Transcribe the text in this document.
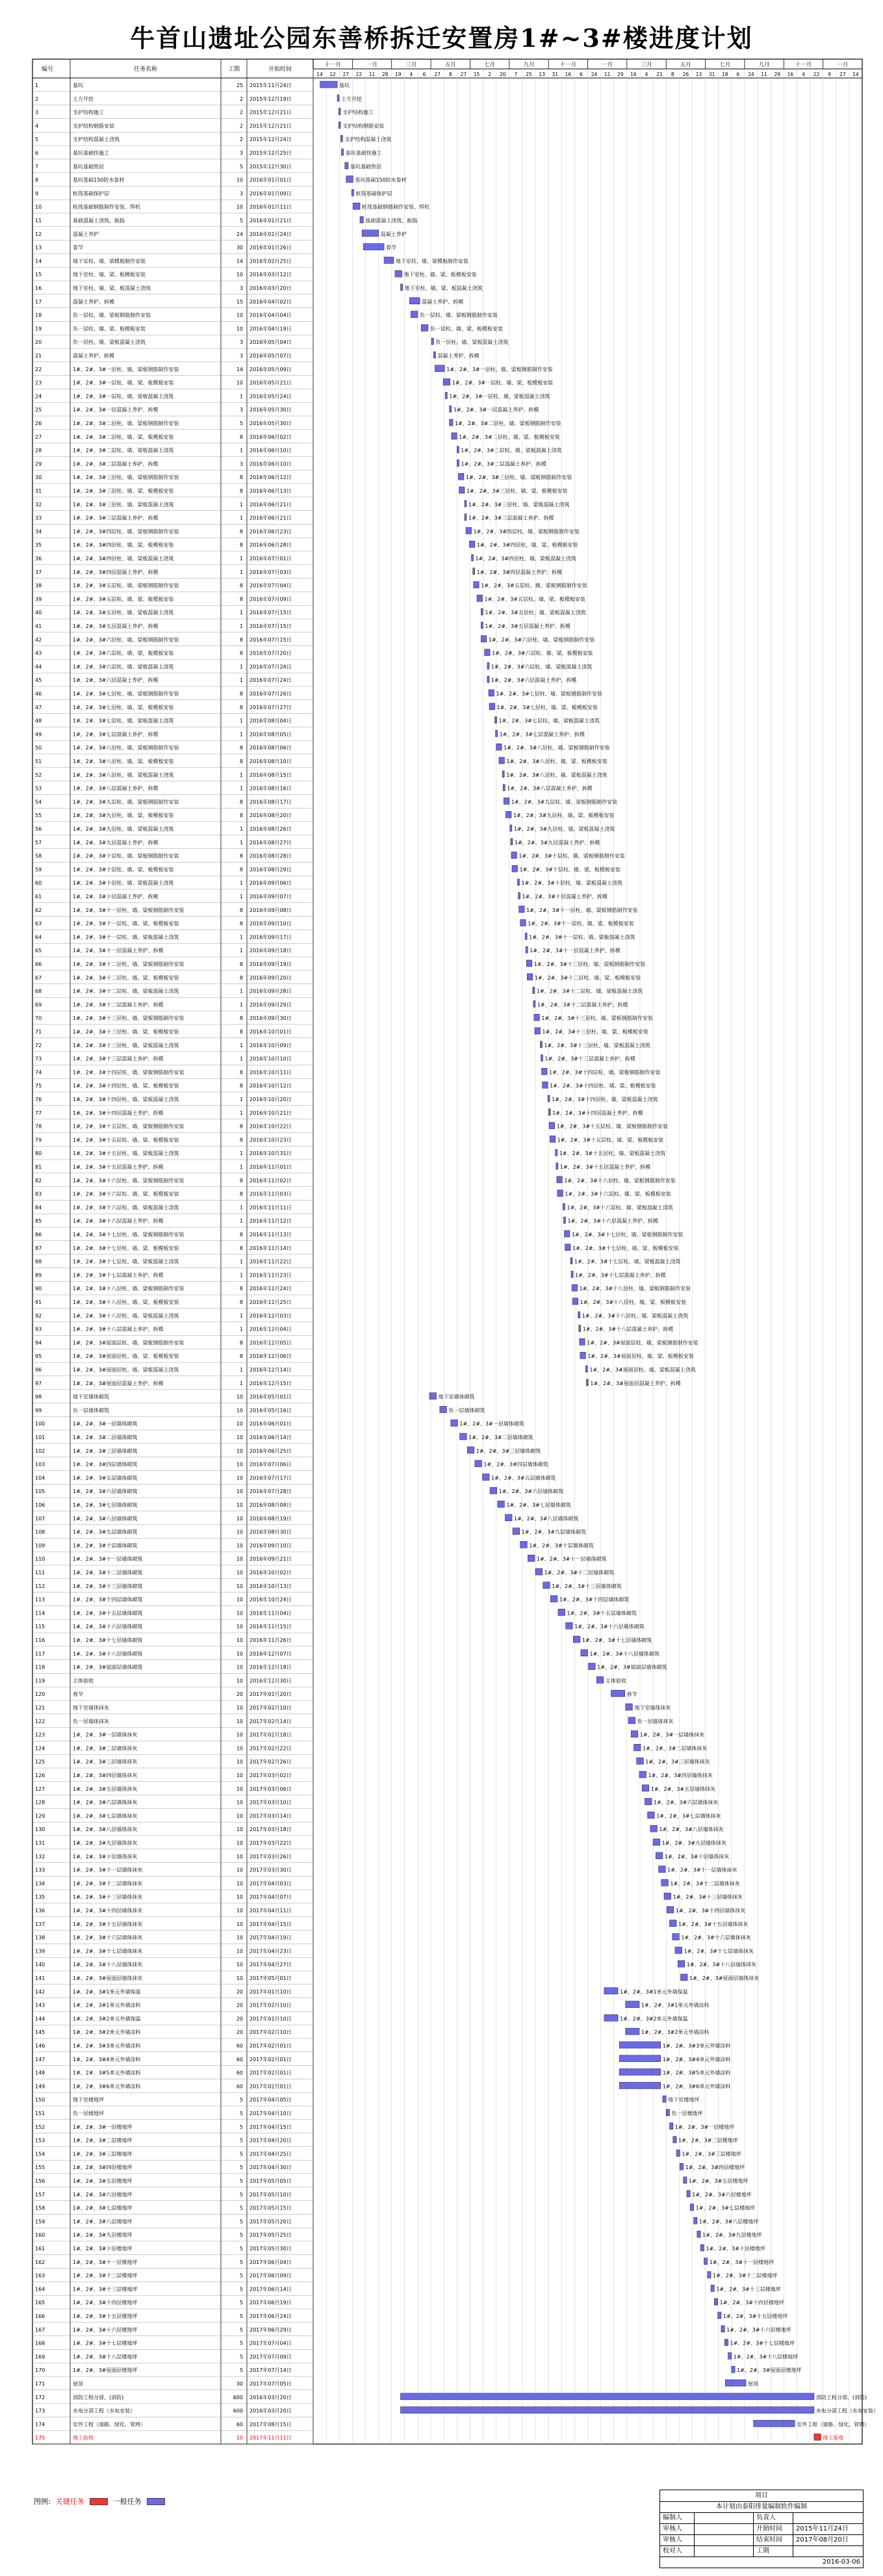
牛首山遗址公园东善桥拆迁安置房1#~3#楼进度计划
编号	任务名称	工期	开始时间
十一月	一月	三月	五月	七月	九月	十一月	一月	三月	五月	七月	九月	十一月	一月
14 12 27 22 11 28 19 4 6 27 8 27 15 2 20 7 25 13 31 16 6 24 11 29 16 4 21 8 26 13 31 18 6 24 11 29 16 4 22 9 27 14
1	基坑	25 2015年11月24日	基坑
2	土方开挖	2 2015年12月19日	土方开挖
3	支护结构施工	2 2015年12月21日	支护结构施工
4	支护结构钢筋安装	2 2015年12月21日	支护结构钢筋安装
5	支护结构混凝土浇筑	2 2015年12月24日	支护结构混凝土浇筑
6	基坑基础快施工	3 2015年12月25日	基坑基础快施工
7	基坑基础垫层	5 2015年12月30日	基坑基础垫层
8	基坑基础150防水卷材	10 2016年01月01日	基坑基础150防水卷材
9	桩筏基础保护层	3 2016年01月09日	桩筏基础保护层
10	桩筏基础钢筋制作安装、焊机	10 2016年01月11日	桩筏基础钢筋制作安装、焊机
11	基础混凝土浇筑、振捣	5 2016年01月21日	基础混凝土浇筑、振捣
12	混凝土养护	24 2016年01月24日	混凝土养护
13	春节	30 2016年01月26日	春节
14	地下室柱、墙、梁模板制作安装	14 2016年02月25日	地下室柱、墙、梁模板制作安装
15	地下室柱、墙、梁、板模板安装	10 2016年03月12日	地下室柱、墙、梁、板模板安装
16	地下室柱、墙、梁、板混凝土浇筑	3 2016年03月20日	地下室柱、墙、梁、板混凝土浇筑
17	混凝土养护、拆模	15 2016年04月02日	混凝土养护、拆模
18	负一层柱、墙、梁板钢筋制作安装	10 2016年04月04日	负一层柱、墙、梁板钢筋制作安装
19	负一层柱、墙、梁、板模板安装	10 2016年04月19日	负一层柱、墙、梁、板模板安装
20	负一层柱、墙、梁板混凝土浇筑	3 2016年05月04日	负一层柱、墙、梁板混凝土浇筑
21	混凝土养护、拆模	3 2016年05月07日	混凝土养护、拆模
22	1#、2#、3#一层柱、墙、梁板钢筋制作安装	14 2016年05月09日	1#、2#、3#一层柱、墙、梁板钢筋制作安装
23	1#、2#、3#一层柱、墙、梁、板模板安装	10 2016年05月21日	1#、2#、3#一层柱、墙、梁、板模板安装
24	1#、2#、3#一层柱、墙、梁板混凝土浇筑	1 2016年05月24日	1#、2#、3#一层柱、墙、梁板混凝土浇筑
25	1#、2#、3#一层混凝土养护、拆模	3 2016年05月30日	1#、2#、3#一层混凝土养护、拆模
26	1#、2#、3#二层柱、墙、梁板钢筋制作安装	5 2016年05月30日	1#、2#、3#二层柱、墙、梁板钢筋制作安装
27	1#、2#、3#二层柱、墙、梁、板模板安装	8 2016年06月02日	1#、2#、3#二层柱、墙、梁、板模板安装
28	1#、2#、3#二层柱、墙、梁板混凝土浇筑	1 2016年06月10日	1#、2#、3#二层柱、墙、梁板混凝土浇筑
29	1#、2#、3#二层混凝土养护、拆模	3 2016年06月10日	1#、2#、3#二层混凝土养护、拆模
30	1#、2#、3#三层柱、墙、梁板钢筋制作安装	8 2016年06月12日	1#、2#、3#三层柱、墙、梁板钢筋制作安装
31	1#、2#、3#三层柱、墙、梁、板模板安装	8 2016年06月13日	1#、2#、3#三层柱、墙、梁、板模板安装
32	1#、2#、3#三层柱、墙、梁板混凝土浇筑	1 2016年06月21日	1#、2#、3#三层柱、墙、梁板混凝土浇筑
33	1#、2#、3#三层混凝土养护、拆模	1 2016年06月21日	1#、2#、3#三层混凝土养护、拆模
34	1#、2#、3#四层柱、墙、梁板钢筋制作安装	8 2016年06月23日	1#、2#、3#四层柱、墙、梁板钢筋制作安装
35	1#、2#、3#四层柱、墙、梁、板模板安装	8 2016年06月28日	1#、2#、3#四层柱、墙、梁、板模板安装
36	1#、2#、3#四层柱、墙、梁板混凝土浇筑	1 2016年07月01日	1#、2#、3#四层柱、墙、梁板混凝土浇筑
37	1#、2#、3#四层混凝土养护、拆模	1 2016年07月03日	1#、2#、3#四层混凝土养护、拆模
38	1#、2#、3#五层柱、墙、梁板钢筋制作安装	8 2016年07月04日	1#、2#、3#五层柱、墙、梁板钢筋制作安装
39	1#、2#、3#五层柱、墙、梁、板模板安装	8 2016年07月09日	1#、2#、3#五层柱、墙、梁、板模板安装
40	1#、2#、3#五层柱、墙、梁板混凝土浇筑	1 2016年07月15日	1#、2#、3#五层柱、墙、梁板混凝土浇筑
41	1#、2#、3#五层混凝土养护、拆模	1 2016年07月15日	1#、2#、3#五层混凝土养护、拆模
42	1#、2#、3#六层柱、墙、梁板钢筋制作安装	8 2016年07月15日	1#、2#、3#六层柱、墙、梁板钢筋制作安装
43	1#、2#、3#六层柱、墙、梁、板模板安装	8 2016年07月20日	1#、2#、3#六层柱、墙、梁、板模板安装
44	1#、2#、3#六层柱、墙、梁板混凝土浇筑	1 2016年07月24日	1#、2#、3#六层柱、墙、梁板混凝土浇筑
45	1#、2#、3#六层混凝土养护、拆模	1 2016年07月24日	1#、2#、3#六层混凝土养护、拆模
46	1#、2#、3#七层柱、墙、梁板钢筋制作安装	8 2016年07月26日	1#、2#、3#七层柱、墙、梁板钢筋制作安装
47	1#、2#、3#七层柱、墙、梁、板模板安装	8 2016年07月27日	1#、2#、3#七层柱、墙、梁、板模板安装
48	1#、2#、3#七层柱、墙、梁板混凝土浇筑	1 2016年08月04日	1#、2#、3#七层柱、墙、梁板混凝土浇筑
49	1#、2#、3#七层混凝土养护、拆模	1 2016年08月05日	1#、2#、3#七层混凝土养护、拆模
50	1#、2#、3#八层柱、墙、梁板钢筋制作安装	8 2016年08月06日	1#、2#、3#八层柱、墙、梁板钢筋制作安装
51	1#、2#、3#八层柱、墙、梁、板模板安装	8 2016年08月10日	1#、2#、3#八层柱、墙、梁、板模板安装
52	1#、2#、3#八层柱、墙、梁板混凝土浇筑	1 2016年08月15日	1#、2#、3#八层柱、墙、梁板混凝土浇筑
53	1#、2#、3#八层混凝土养护、拆模	1 2016年08月16日	1#、2#、3#八层混凝土养护、拆模
54	1#、2#、3#九层柱、墙、梁板钢筋制作安装	8 2016年08月17日	1#、2#、3#九层柱、墙、梁板钢筋制作安装
55	1#、2#、3#九层柱、墙、梁、板模板安装	8 2016年08月20日	1#、2#、3#九层柱、墙、梁、板模板安装
56	1#、2#、3#九层柱、墙、梁板混凝土浇筑	1 2016年08月26日	1#、2#、3#九层柱、墙、梁板混凝土浇筑
57	1#、2#、3#九层混凝土养护、拆模	1 2016年08月27日	1#、2#、3#九层混凝土养护、拆模
58	1#、2#、3#十层柱、墙、梁板钢筋制作安装	8 2016年08月28日	1#、2#、3#十层柱、墙、梁板钢筋制作安装
59	1#、2#、3#十层柱、墙、梁、板模板安装	8 2016年08月29日	1#、2#、3#十层柱、墙、梁、板模板安装
60	1#、2#、3#十层柱、墙、梁板混凝土浇筑	1 2016年09月06日	1#、2#、3#十层柱、墙、梁板混凝土浇筑
61	1#、2#、3#十层混凝土养护、拆模	1 2016年09月07日	1#、2#、3#十层混凝土养护、拆模
62	1#、2#、3#十一层柱、墙、梁板钢筋制作安装	8 2016年09月08日	1#、2#、3#十一层柱、墙、梁板钢筋制作安装
63	1#、2#、3#十一层柱、墙、梁、板模板安装	8 2016年09月10日	1#、2#、3#十一层柱、墙、梁、板模板安装
64	1#、2#、3#十一层柱、墙、梁板混凝土浇筑	1 2016年09月17日	1#、2#、3#十一层柱、墙、梁板混凝土浇筑
65	1#、2#、3#十一层混凝土养护、拆模	1 2016年09月18日	1#、2#、3#十一层混凝土养护、拆模
66	1#、2#、3#十二层柱、墙、梁板钢筋制作安装	8 2016年09月19日	1#、2#、3#十二层柱、墙、梁板钢筋制作安装
67	1#、2#、3#十二层柱、墙、梁、板模板安装	8 2016年09月20日	1#、2#、3#十二层柱、墙、梁、板模板安装
68	1#、2#、3#十二层柱、墙、梁板混凝土浇筑	1 2016年09月28日	1#、2#、3#十二层柱、墙、梁板混凝土浇筑
69	1#、2#、3#十二层混凝土养护、拆模	1 2016年09月29日	1#、2#、3#十二层混凝土养护、拆模
70	1#、2#、3#十三层柱、墙、梁板钢筋制作安装	8 2016年09月30日	1#、2#、3#十三层柱、墙、梁板钢筋制作安装
71	1#、2#、3#十三层柱、墙、梁、板模板安装	8 2016年10月01日	1#、2#、3#十三层柱、墙、梁、板模板安装
72	1#、2#、3#十三层柱、墙、梁板混凝土浇筑	1 2016年10月09日	1#、2#、3#十三层柱、墙、梁板混凝土浇筑
73	1#、2#、3#十三层混凝土养护、拆模	1 2016年10月10日	1#、2#、3#十三层混凝土养护、拆模
74	1#、2#、3#十四层柱、墙、梁板钢筋制作安装	8 2016年10月11日	1#、2#、3#十四层柱、墙、梁板钢筋制作安装
75	1#、2#、3#十四层柱、墙、梁、板模板安装	8 2016年10月12日	1#、2#、3#十四层柱、墙、梁、板模板安装
76	1#、2#、3#十四层柱、墙、梁板混凝土浇筑	1 2016年10月20日	1#、2#、3#十四层柱、墙、梁板混凝土浇筑
77	1#、2#、3#十四层混凝土养护、拆模	1 2016年10月21日	1#、2#、3#十四层混凝土养护、拆模
78	1#、2#、3#十五层柱、墙、梁板钢筋制作安装	8 2016年10月22日	1#、2#、3#十五层柱、墙、梁板钢筋制作安装
79	1#、2#、3#十五层柱、墙、梁、板模板安装	8 2016年10月23日	1#、2#、3#十五层柱、墙、梁、板模板安装
80	1#、2#、3#十五层柱、墙、梁板混凝土浇筑	1 2016年10月31日	1#、2#、3#十五层柱、墙、梁板混凝土浇筑
81	1#、2#、3#十五层混凝土养护、拆模	1 2016年11月01日	1#、2#、3#十五层混凝土养护、拆模
82	1#、2#、3#十六层柱、墙、梁板钢筋制作安装	8 2016年11月02日	1#、2#、3#十六层柱、墙、梁板钢筋制作安装
83	1#、2#、3#十六层柱、墙、梁、板模板安装	8 2016年11月03日	1#、2#、3#十六层柱、墙、梁、板模板安装
84	1#、2#、3#十六层柱、墙、梁板混凝土浇筑	1 2016年11月11日	1#、2#、3#十六层柱、墙、梁板混凝土浇筑
85	1#、2#、3#十六层混凝土养护、拆模	1 2016年11月12日	1#、2#、3#十六层混凝土养护、拆模
86	1#、2#、3#十七层柱、墙、梁板钢筋制作安装	8 2016年11月13日	1#、2#、3#十七层柱、墙、梁板钢筋制作安装
87	1#、2#、3#十七层柱、墙、梁、板模板安装	8 2016年11月14日	1#、2#、3#十七层柱、墙、梁、板模板安装
88	1#、2#、3#十七层柱、墙、梁板混凝土浇筑	1 2016年11月22日	1#、2#、3#十七层柱、墙、梁板混凝土浇筑
89	1#、2#、3#十七层混凝土养护、拆模	1 2016年11月23日	1#、2#、3#十七层混凝土养护、拆模
90	1#、2#、3#十八层柱、墙、梁板钢筋制作安装	8 2016年11月24日	1#、2#、3#十八层柱、墙、梁板钢筋制作安装
91	1#、2#、3#十八层柱、墙、梁、板模板安装	8 2016年11月25日	1#、2#、3#十八层柱、墙、梁、板模板安装
92	1#、2#、3#十八层柱、墙、梁板混凝土浇筑	1 2016年12月03日	1#、2#、3#十八层柱、墙、梁板混凝土浇筑
93	1#、2#、3#十八层混凝土养护、拆模	1 2016年12月04日	1#、2#、3#十八层混凝土养护、拆模
94	1#、2#、3#屋面层柱、墙、梁板钢筋制作安装	8 2016年12月05日	1#、2#、3#屋面层柱、墙、梁板钢筋制作安装
95	1#、2#、3#屋面层柱、墙、梁、板模板安装	8 2016年12月06日	1#、2#、3#屋面层柱、墙、梁、板模板安装
96	1#、2#、3#屋面层柱、墙、梁板混凝土浇筑	1 2016年12月14日	1#、2#、3#屋面层柱、墙、梁板混凝土浇筑
97	1#、2#、3#屋面层混凝土养护、拆模	1 2016年12月15日	1#、2#、3#屋面层混凝土养护、拆模
98	地下室墙体砌筑	10 2016年05月01日	地下室墙体砌筑
99	负一层墙体砌筑	10 2016年05月16日	负一层墙体砌筑
100	1#、2#、3#一层墙体砌筑	10 2016年06月01日	1#、2#、3#一层墙体砌筑
101	1#、2#、3#二层墙体砌筑	10 2016年06月14日	1#、2#、3#二层墙体砌筑
102	1#、2#、3#三层墙体砌筑	10 2016年06月25日	1#、2#、3#三层墙体砌筑
103	1#、2#、3#四层墙体砌筑	10 2016年07月06日	1#、2#、3#四层墙体砌筑
104	1#、2#、3#五层墙体砌筑	10 2016年07月17日	1#、2#、3#五层墙体砌筑
105	1#、2#、3#六层墙体砌筑	10 2016年07月28日	1#、2#、3#六层墙体砌筑
106	1#、2#、3#七层墙体砌筑	10 2016年08月08日	1#、2#、3#七层墙体砌筑
107	1#、2#、3#八层墙体砌筑	10 2016年08月19日	1#、2#、3#八层墙体砌筑
108	1#、2#、3#九层墙体砌筑	10 2016年08月30日	1#、2#、3#九层墙体砌筑
109	1#、2#、3#十层墙体砌筑	10 2016年09月10日	1#、2#、3#十层墙体砌筑
110	1#、2#、3#十一层墙体砌筑	10 2016年09月21日	1#、2#、3#十一层墙体砌筑
111	1#、2#、3#十二层墙体砌筑	10 2016年10月02日	1#、2#、3#十二层墙体砌筑
112	1#、2#、3#十三层墙体砌筑	10 2016年10月13日	1#、2#、3#十三层墙体砌筑
113	1#、2#、3#十四层墙体砌筑	10 2016年10月24日	1#、2#、3#十四层墙体砌筑
114	1#、2#、3#十五层墙体砌筑	10 2016年11月04日	1#、2#、3#十五层墙体砌筑
115	1#、2#、3#十六层墙体砌筑	10 2016年11月15日	1#、2#、3#十六层墙体砌筑
116	1#、2#、3#十七层墙体砌筑	10 2016年11月26日	1#、2#、3#十七层墙体砌筑
117	1#、2#、3#十八层墙体砌筑	10 2016年12月07日	1#、2#、3#十八层墙体砌筑
118	1#、2#、3#屋面层墙体砌筑	10 2016年12月18日	1#、2#、3#屋面层墙体砌筑
119	主体验收	10 2016年12月30日	主体验收
120	春节	20 2017年01月20日	春节
121	地下室墙体抹灰	10 2017年02月10日	地下室墙体抹灰
122	负一层墙体抹灰	10 2017年02月14日	负一层墙体抹灰
123	1#、2#、3#一层墙体抹灰	10 2017年02月18日	1#、2#、3#一层墙体抹灰
124	1#、2#、3#二层墙体抹灰	10 2017年02月22日	1#、2#、3#二层墙体抹灰
125	1#、2#、3#三层墙体抹灰	10 2017年02月26日	1#、2#、3#三层墙体抹灰
126	1#、2#、3#四层墙体抹灰	10 2017年03月02日	1#、2#、3#四层墙体抹灰
127	1#、2#、3#五层墙体抹灰	10 2017年03月06日	1#、2#、3#五层墙体抹灰
128	1#、2#、3#六层墙体抹灰	10 2017年03月10日	1#、2#、3#六层墙体抹灰
129	1#、2#、3#七层墙体抹灰	10 2017年03月14日	1#、2#、3#七层墙体抹灰
130	1#、2#、3#八层墙体抹灰	10 2017年03月18日	1#、2#、3#八层墙体抹灰
131	1#、2#、3#九层墙体抹灰	10 2017年03月22日	1#、2#、3#九层墙体抹灰
132	1#、2#、3#十层墙体抹灰	10 2017年03月26日	1#、2#、3#十层墙体抹灰
133	1#、2#、3#十一层墙体抹灰	10 2017年03月30日	1#、2#、3#十一层墙体抹灰
134	1#、2#、3#十二层墙体抹灰	10 2017年04月03日	1#、2#、3#十二层墙体抹灰
135	1#、2#、3#十三层墙体抹灰	10 2017年04月07日	1#、2#、3#十三层墙体抹灰
136	1#、2#、3#十四层墙体抹灰	10 2017年04月11日	1#、2#、3#十四层墙体抹灰
137	1#、2#、3#十五层墙体抹灰	10 2017年04月15日	1#、2#、3#十五层墙体抹灰
138	1#、2#、3#十六层墙体抹灰	10 2017年04月19日	1#、2#、3#十六层墙体抹灰
139	1#、2#、3#十七层墙体抹灰	10 2017年04月23日	1#、2#、3#十七层墙体抹灰
140	1#、2#、3#十八层墙体抹灰	10 2017年04月27日	1#、2#、3#十八层墙体抹灰
141	1#、2#、3#屋面层墙体抹灰	10 2017年05月01日	1#、2#、3#屋面层墙体抹灰
142	1#、2#、3#1单元外墙保温	20 2017年01月10日	1#、2#、3#1单元外墙保温
143	1#、2#、3#1单元外墙涂料	20 2017年02月10日	1#、2#、3#1单元外墙涂料
144	1#、2#、3#2单元外墙保温	20 2017年01月10日	1#、2#、3#2单元外墙保温
145	1#、2#、3#2单元外墙涂料	20 2017年02月10日	1#、2#、3#2单元外墙涂料
146	1#、2#、3#3单元外墙涂料	60 2017年02月01日	1#、2#、3#3单元外墙涂料
147	1#、2#、3#4单元外墙涂料	60 2017年02月01日	1#、2#、3#4单元外墙涂料
148	1#、2#、3#5单元外墙涂料	60 2017年02月01日	1#、2#、3#5单元外墙涂料
149	1#、2#、3#6单元外墙涂料	60 2017年02月01日	1#、2#、3#6单元外墙涂料
150	地下室楼地坪	5 2017年04月05日	地下室楼地坪
151	负一层楼地坪	5 2017年04月10日	负一层楼地坪
152	1#、2#、3#一层楼地坪	5 2017年04月15日	1#、2#、3#一层楼地坪
153	1#、2#、3#二层楼地坪	5 2017年04月20日	1#、2#、3#二层楼地坪
154	1#、2#、3#三层楼地坪	5 2017年04月25日	1#、2#、3#三层楼地坪
155	1#、2#、3#四层楼地坪	5 2017年04月30日	1#、2#、3#四层楼地坪
156	1#、2#、3#五层楼地坪	5 2017年05月05日	1#、2#、3#五层楼地坪
157	1#、2#、3#六层楼地坪	5 2017年05月10日	1#、2#、3#六层楼地坪
158	1#、2#、3#七层楼地坪	5 2017年05月15日	1#、2#、3#七层楼地坪
159	1#、2#、3#八层楼地坪	5 2017年05月20日	1#、2#、3#八层楼地坪
160	1#、2#、3#九层楼地坪	5 2017年05月25日	1#、2#、3#九层楼地坪
161	1#、2#、3#十层楼地坪	5 2017年05月30日	1#、2#、3#十层楼地坪
162	1#、2#、3#十一层楼地坪	5 2017年06月04日	1#、2#、3#十一层楼地坪
163	1#、2#、3#十二层楼地坪	5 2017年06月09日	1#、2#、3#十二层楼地坪
164	1#、2#、3#十三层楼地坪	5 2017年06月14日	1#、2#、3#十三层楼地坪
165	1#、2#、3#十四层楼地坪	5 2017年06月19日	1#、2#、3#十四层楼地坪
166	1#、2#、3#十五层楼地坪	5 2017年06月24日	1#、2#、3#十五层楼地坪
167	1#、2#、3#十六层楼地坪	5 2017年06月29日	1#、2#、3#十六层楼地坪
168	1#、2#、3#十七层楼地坪	5 2017年07月04日	1#、2#、3#十七层楼地坪
169	1#、2#、3#十八层楼地坪	5 2017年07月09日	1#、2#、3#十八层楼地坪
170	1#、2#、3#屋面层楼地坪	5 2017年07月14日	1#、2#、3#屋面层楼地坪
171	屋顶	30 2017年07月05日	屋顶
172	消防工程分部、(消防)	600 2016年03月20日	消防工程分部、(消防)
173	水电分部工程（水电安装）	600 2016年03月20日	水电分部工程（水电安装）
174	室外工程（道路、绿化、管网）	60 2017年08月15日	室外工程（道路、绿化、管网）
175	竣工验收	10 2017年11月11日	竣工验收
图例: 关键任务	一般任务
项目
本计划由泰阳排量编制软件编制
编制人	负责人
审核人	开始时间	2015年11月24日
审核人	结束时间	2017年08月20日
校对人	工期
2016-03-06
